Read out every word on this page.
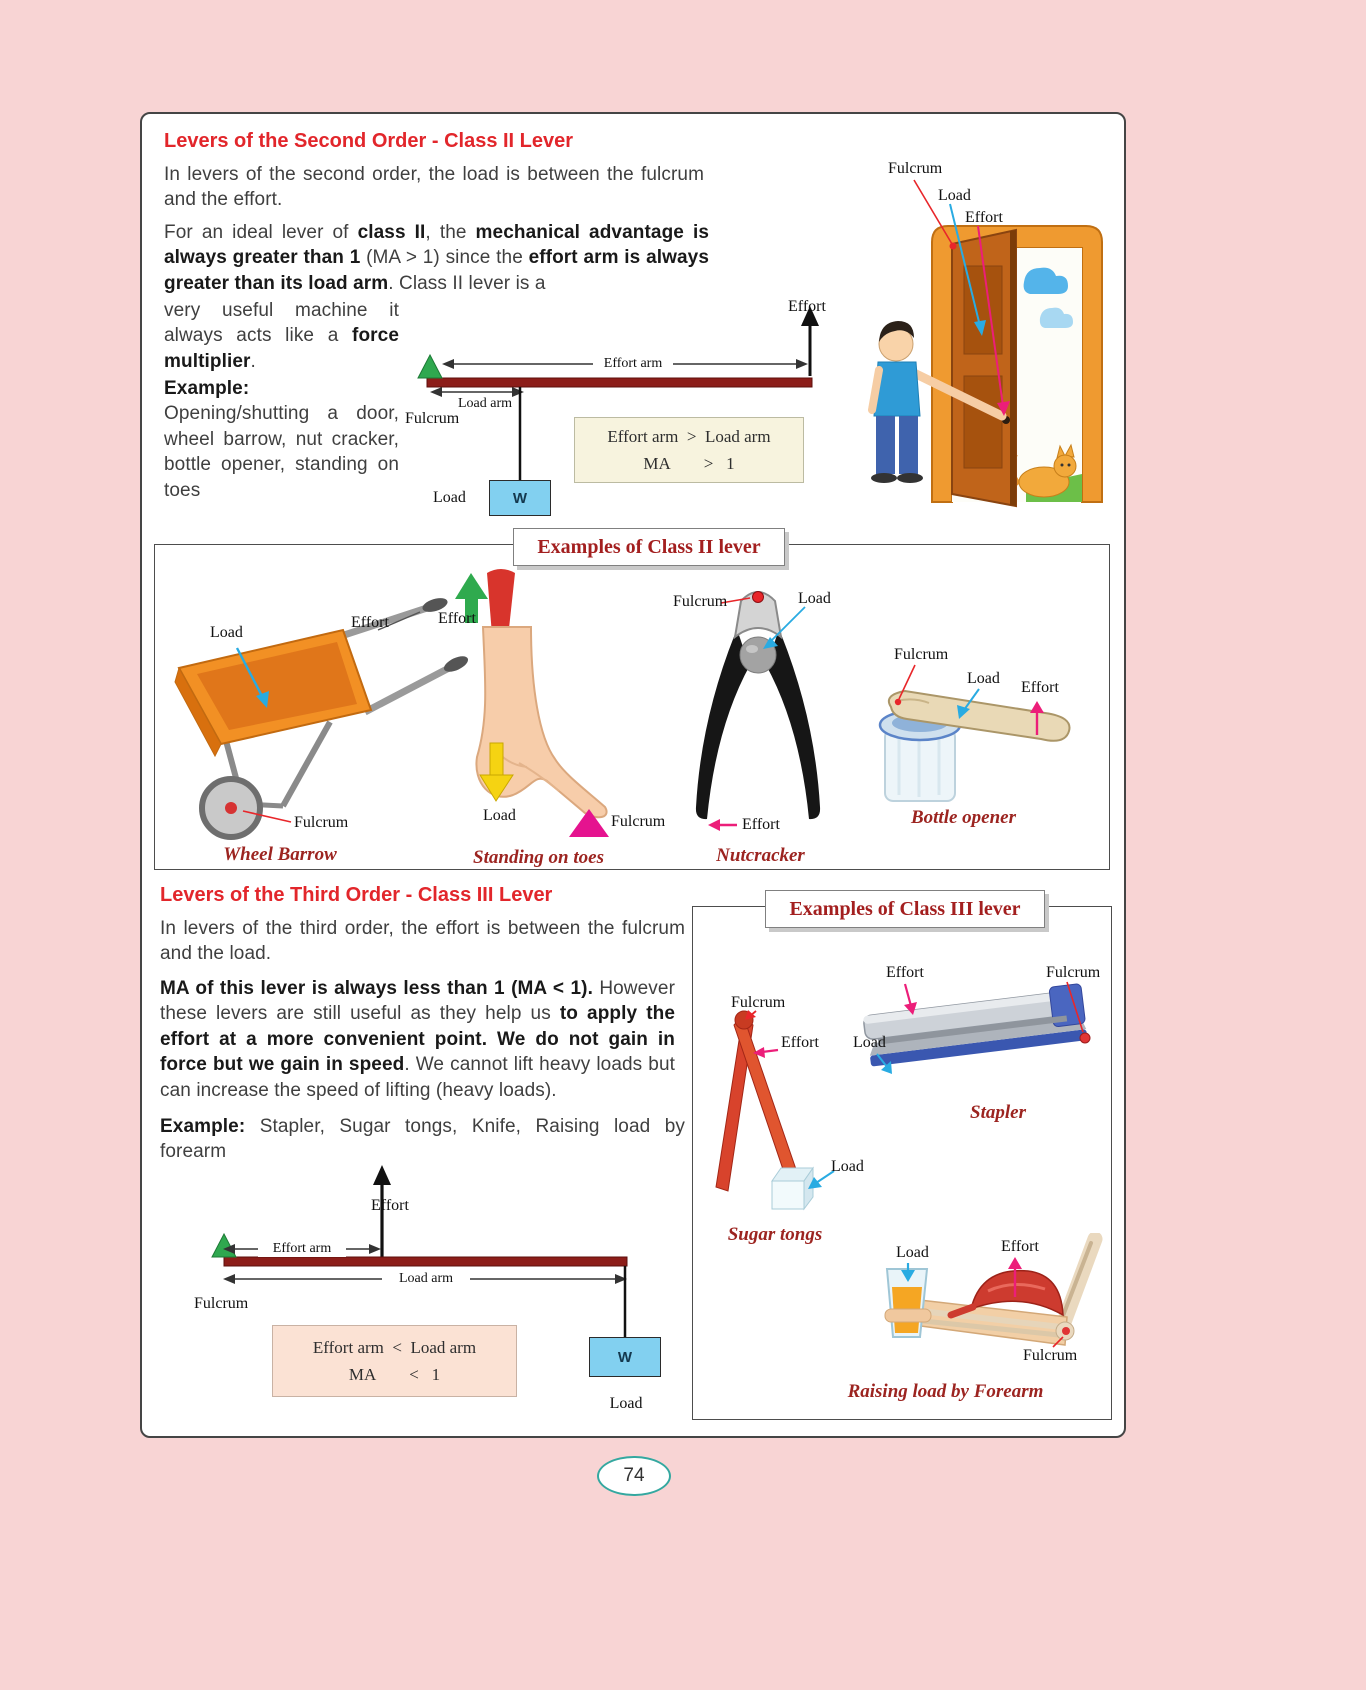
Levers of the Second Order - Class II Lever

In levers of the second order, the load is between the fulcrum and the effort.

For an ideal lever of class II, the mechanical advantage is always greater than 1 (MA > 1) since the effort arm is always greater than its load arm. Class II lever is a

very useful machine it always acts like a force multiplier.

Example: Opening/shutting a door, wheel barrow, nut cracker, bottle opener, standing on toes

Effort
Effort arm
Load arm
Fulcrum
Load	W
Effort arm  >  Load arm
MA        >   1
Fulcrum
Load
Effort
Examples of Class II lever
Load
Effort
Fulcrum
Wheel Barrow
Effort
Load	Fulcrum
Standing on toes
Fulcrum	Load
Effort
Nutcracker
Fulcrum
Load
Effort
Bottle opener
Levers of the Third Order - Class III Lever

In levers of the third order, the effort is between the fulcrum and the load.

MA of this lever is always less than 1 (MA < 1). However these levers are still useful as they help us to apply the effort at a more convenient point. We do not gain in force but we gain in speed. We cannot lift heavy loads but can increase the speed of lifting (heavy loads).

Example: Stapler, Sugar tongs, Knife, Raising load by forearm

Effort
Effort arm
Load arm
Fulcrum
W
Load
Effort arm  <  Load arm
MA        <   1
Examples of Class III lever
Fulcrum
Effort
Load
Sugar tongs
Effort	Fulcrum
Load
Stapler
Load	Effort
Fulcrum
Raising load by Forearm
74
